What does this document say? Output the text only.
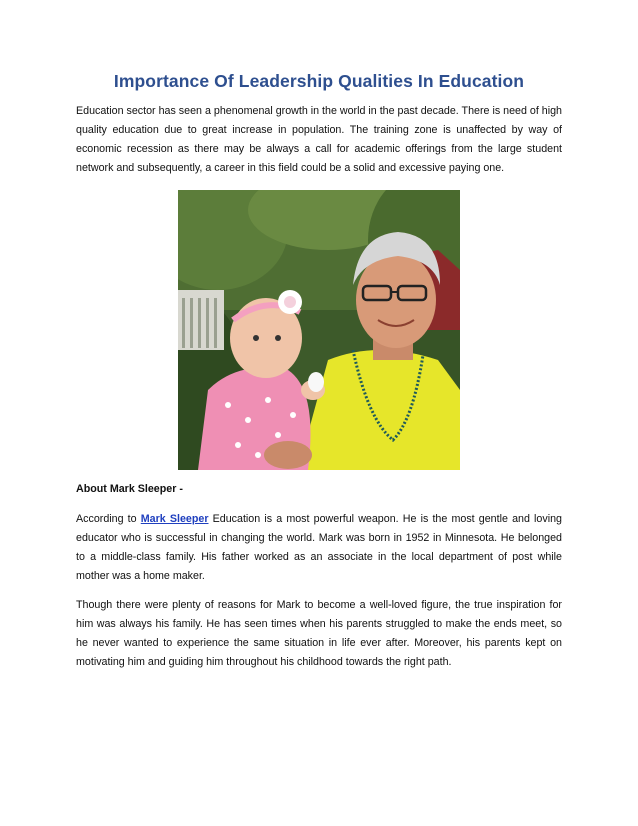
Importance Of Leadership Qualities In Education

Education sector has seen a phenomenal growth in the world in the past decade. There is need of high quality education due to great increase in population. The training zone is unaffected by way of economic recession as there may be always a call for academic offerings from the large student network and subsequently, a career in this field could be a solid and excessive paying one.

About Mark Sleeper -

According to Mark Sleeper Education is a most powerful weapon. He is the most gentle and loving educator who is successful in changing the world. Mark was born in 1952 in Minnesota. He belonged to a middle-class family. His father worked as an associate in the local department of post while mother was a home maker.

Though there were plenty of reasons for Mark to become a well-loved figure, the true inspiration for him was always his family. He has seen times when his parents struggled to make the ends meet, so he never wanted to experience the same situation in life ever after. Moreover, his parents kept on motivating him and guiding him throughout his childhood towards the right path.
